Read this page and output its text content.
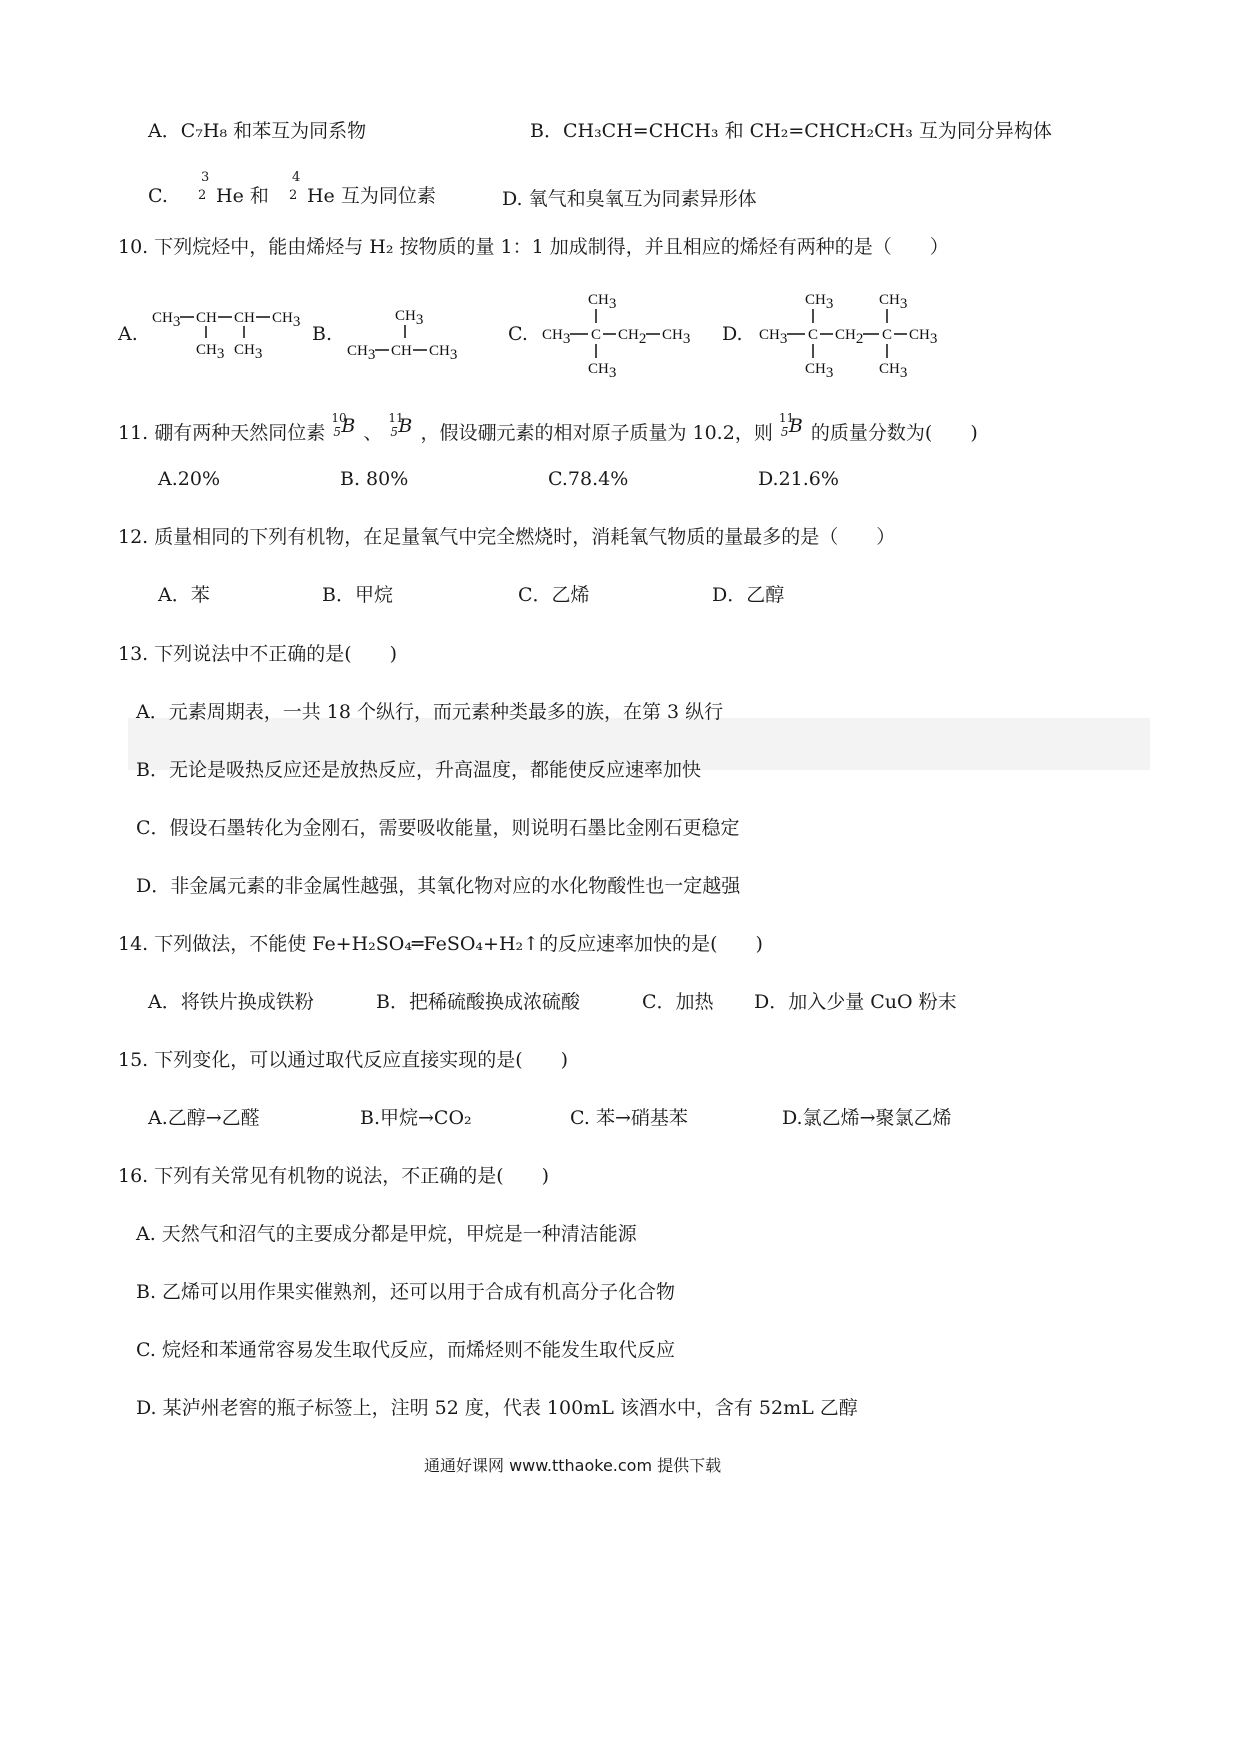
A．C₇H₈ 和苯互为同系物	B．CH₃CH=CHCH₃ 和 CH₂=CHCH₂CH₃ 互为同分异构体
C.
3
2 He 和
4
2 He 互为同位素	D. 氧气和臭氧互为同素异形体
10. 下列烷烃中，能由烯烃与 H₂ 按物质的量 1：1 加成制得，并且相应的烯烃有两种的是（　　）
A.
CH3 CH CH CH3
CH3 CH3
B.
CH3
CH3 CH CH3
C.
CH3
CH3 C CH2 CH3
CH3
D.
CH3
CH3 C CH2 C CH3
CH3
CH3	CH3
11. 硼有两种天然同位素
10
5 B 、
11
5 B ，假设硼元素的相对原子质量为 10.2，则
11
5 B 的质量分数为(　　)
A.20%	B. 80%	C.78.4%	D.21.6%
12. 质量相同的下列有机物，在足量氧气中完全燃烧时，消耗氧气物质的量最多的是（　　）
A．苯	B．甲烷	C．乙烯	D．乙醇
13. 下列说法中不正确的是(　　)
A．元素周期表，一共 18 个纵行，而元素种类最多的族，在第 3 纵行
B．无论是吸热反应还是放热反应，升高温度，都能使反应速率加快
C．假设石墨转化为金刚石，需要吸收能量，则说明石墨比金刚石更稳定
D．非金属元素的非金属性越强，其氧化物对应的水化物酸性也一定越强
14. 下列做法，不能使 Fe+H₂SO₄═FeSO₄+H₂↑的反应速率加快的是(　　)
A．将铁片换成铁粉	B．把稀硫酸换成浓硫酸	C．加热 D．加入少量 CuO 粉末
15. 下列变化，可以通过取代反应直接实现的是(　　)
A.乙醇→乙醛	B.甲烷→CO₂	C. 苯→硝基苯	D.氯乙烯→聚氯乙烯
16. 下列有关常见有机物的说法，不正确的是(　　)
A. 天然气和沼气的主要成分都是甲烷，甲烷是一种清洁能源
B. 乙烯可以用作果实催熟剂，还可以用于合成有机高分子化合物
C. 烷烃和苯通常容易发生取代反应，而烯烃则不能发生取代反应
D. 某泸州老窖的瓶子标签上，注明 52 度，代表 100mL 该酒水中，含有 52mL 乙醇
通通好课网 www.tthaoke.com 提供下载
